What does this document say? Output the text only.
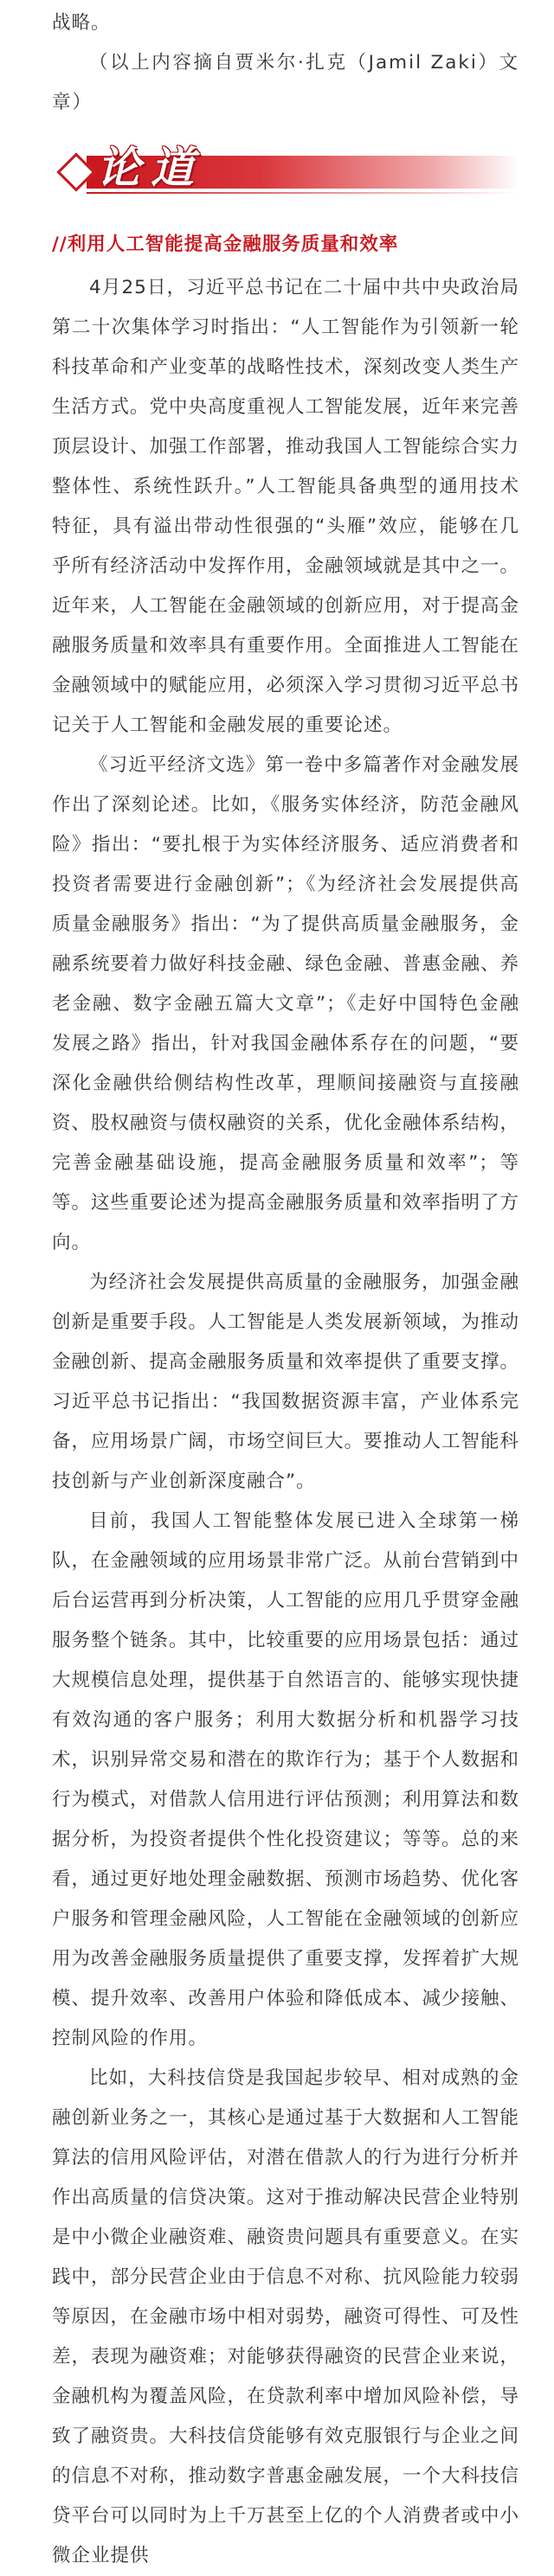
战略。

（以上内容摘自贾米尔·扎克（Jamil Zaki）文章）

论道
//利用人工智能提高金融服务质量和效率

4月25日，习近平总书记在二十届中共中央政治局第二十次集体学习时指出：“人工智能作为引领新一轮科技革命和产业变革的战略性技术，深刻改变人类生产生活方式。党中央高度重视人工智能发展，近年来完善顶层设计、加强工作部署，推动我国人工智能综合实力整体性、系统性跃升。”人工智能具备典型的通用技术特征，具有溢出带动性很强的“头雁”效应，能够在几乎所有经济活动中发挥作用，金融领域就是其中之一。近年来，人工智能在金融领域的创新应用，对于提高金融服务质量和效率具有重要作用。全面推进人工智能在金融领域中的赋能应用，必须深入学习贯彻习近平总书记关于人工智能和金融发展的重要论述。

《习近平经济文选》第一卷中多篇著作对金融发展作出了深刻论述。比如，《服务实体经济，防范金融风险》指出：“要扎根于为实体经济服务、适应消费者和投资者需要进行金融创新”；《为经济社会发展提供高质量金融服务》指出：“为了提供高质量金融服务，金融系统要着力做好科技金融、绿色金融、普惠金融、养老金融、数字金融五篇大文章”；《走好中国特色金融发展之路》指出，针对我国金融体系存在的问题，“要深化金融供给侧结构性改革，理顺间接融资与直接融资、股权融资与债权融资的关系，优化金融体系结构，完善金融基础设施，提高金融服务质量和效率”；等等。这些重要论述为提高金融服务质量和效率指明了方向。

为经济社会发展提供高质量的金融服务，加强金融创新是重要手段。人工智能是人类发展新领域，为推动金融创新、提高金融服务质量和效率提供了重要支撑。习近平总书记指出：“我国数据资源丰富，产业体系完备，应用场景广阔，市场空间巨大。要推动人工智能科技创新与产业创新深度融合”。

目前，我国人工智能整体发展已进入全球第一梯队，在金融领域的应用场景非常广泛。从前台营销到中后台运营再到分析决策，人工智能的应用几乎贯穿金融服务整个链条。其中，比较重要的应用场景包括：通过大规模信息处理，提供基于自然语言的、能够实现快捷有效沟通的客户服务；利用大数据分析和机器学习技术，识别异常交易和潜在的欺诈行为；基于个人数据和行为模式，对借款人信用进行评估预测；利用算法和数据分析，为投资者提供个性化投资建议；等等。总的来看，通过更好地处理金融数据、预测市场趋势、优化客户服务和管理金融风险，人工智能在金融领域的创新应用为改善金融服务质量提供了重要支撑，发挥着扩大规模、提升效率、改善用户体验和降低成本、减少接触、控制风险的作用。

比如，大科技信贷是我国起步较早、相对成熟的金融创新业务之一，其核心是通过基于大数据和人工智能算法的信用风险评估，对潜在借款人的行为进行分析并作出高质量的信贷决策。这对于推动解决民营企业特别是中小微企业融资难、融资贵问题具有重要意义。在实践中，部分民营企业由于信息不对称、抗风险能力较弱等原因，在金融市场中相对弱势，融资可得性、可及性差，表现为融资难；对能够获得融资的民营企业来说，金融机构为覆盖风险，在贷款利率中增加风险补偿，导致了融资贵。大科技信贷能够有效克服银行与企业之间的信息不对称，推动数字普惠金融发展，一个大科技信贷平台可以同时为上千万甚至上亿的个人消费者或中小微企业提供
